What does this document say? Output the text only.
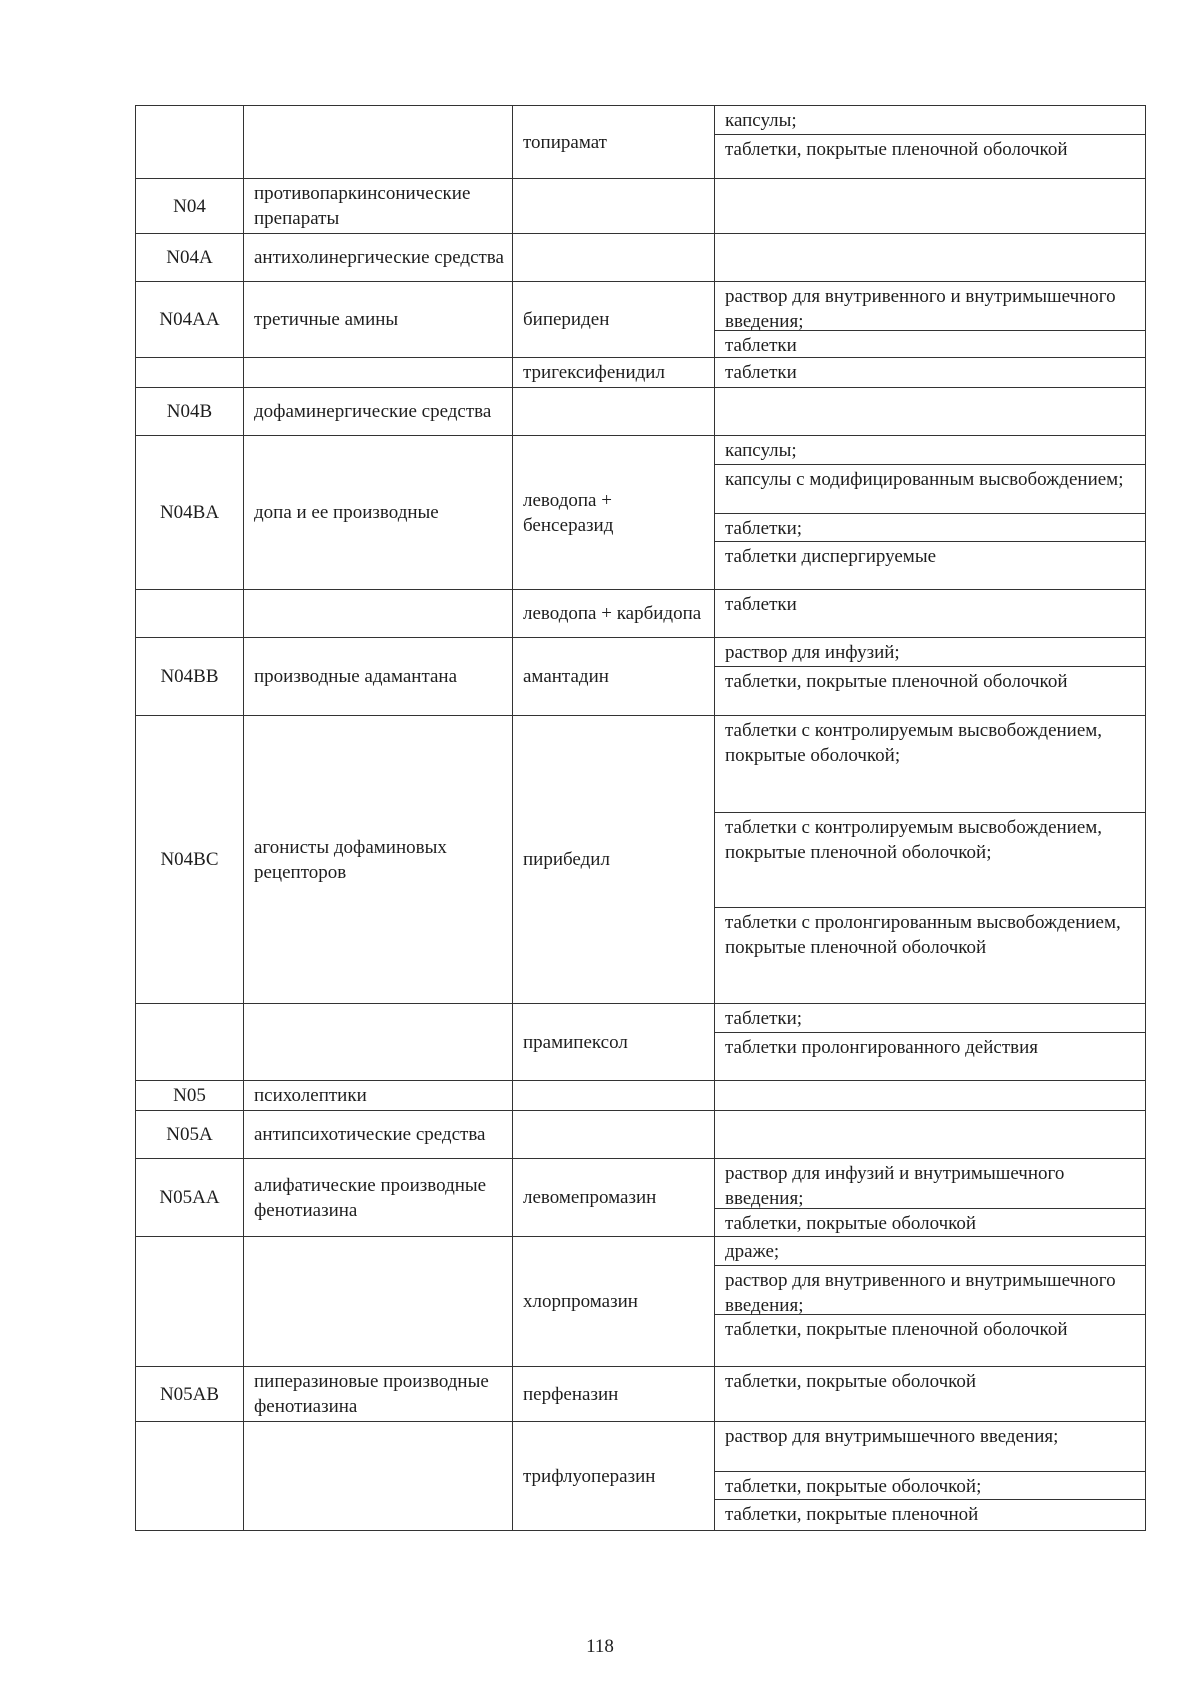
		топирамат	капсулы;
таблетки, покрытые пленочной оболочкой

N04	противопаркинсонические препараты		
N04A	антихолинергические средства		
N04AA	третичные амины	бипериден	раствор для внутривенного и внутримышечного введения;
таблетки

		тригексифенидил	таблетки

N04B	дофаминергические средства		
N04BA	допа и ее производные	леводопа + бенсеразид	капсулы;
капсулы с модифицированным высвобождением;
таблетки;
таблетки диспергируемые

		леводопа + карбидопа	таблетки

N04BB	производные адамантана	амантадин	раствор для инфузий;
таблетки, покрытые пленочной оболочкой

N04BC	агонисты дофаминовых рецепторов	пирибедил	таблетки с контролируемым высвобождением, покрытые оболочкой;
таблетки с контролируемым высвобождением, покрытые пленочной оболочкой;
таблетки с пролонгированным высвобождением, покрытые пленочной оболочкой

		прамипексол	таблетки;
таблетки пролонгированного действия

N05	психолептики		
N05A	антипсихотические средства		
N05AA	алифатические производные фенотиазина	левомепромазин	раствор для инфузий и внутримышечного введения;
таблетки, покрытые оболочкой

		хлорпромазин	драже;
раствор для внутривенного и внутримышечного введения;
таблетки, покрытые пленочной оболочкой

N05AB	пиперазиновые производные фенотиазина	перфеназин	таблетки, покрытые оболочкой

		трифлуоперазин	раствор для внутримышечного введения;
таблетки, покрытые оболочкой;
таблетки, покрытые пленочной
118
